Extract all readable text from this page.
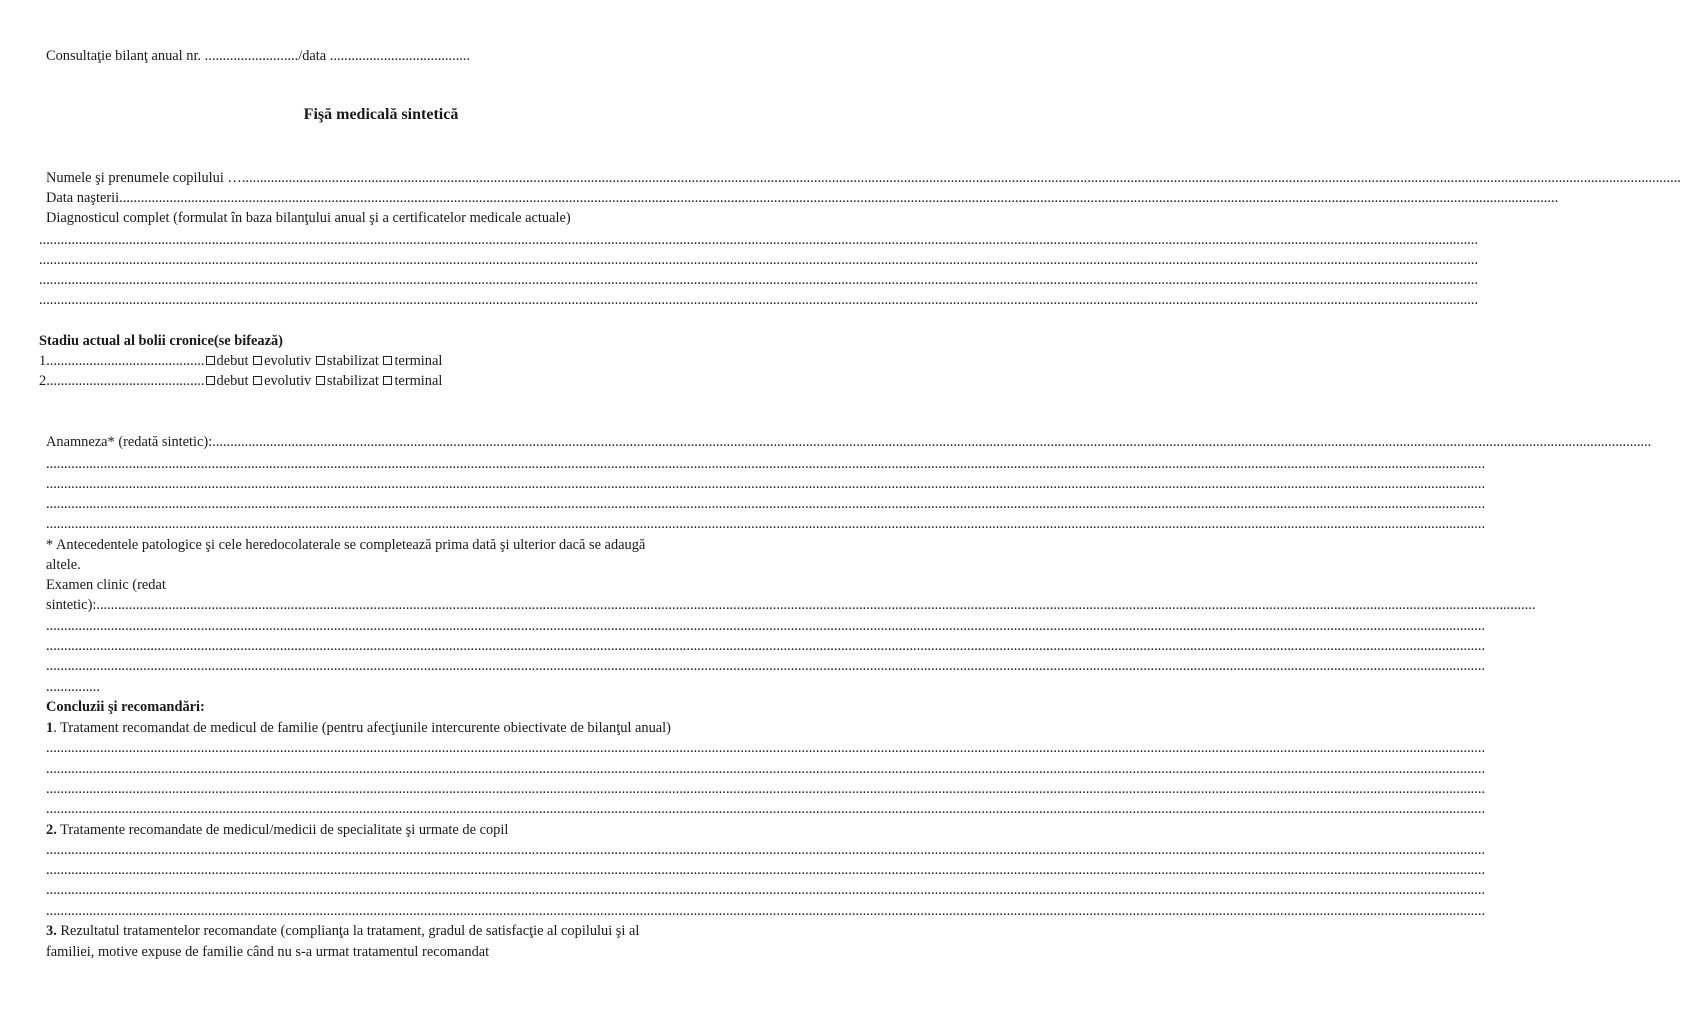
Consultaţie bilanţ anual nr. ........................../data .......................................
Fişă medicală sintetică
Numele şi prenumele copilului … ................................................................................................................................................................................................................................................................................................................................................................................................................
Data naşterii ................................................................................................................................................................................................................................................................................................................................................................................................................
Diagnosticul complet (formulat în baza bilanţului anual şi a certificatelor medicale actuale)
................................................................................................................................................................................................................................................................................................................................................................................................................
................................................................................................................................................................................................................................................................................................................................................................................................................
................................................................................................................................................................................................................................................................................................................................................................................................................
................................................................................................................................................................................................................................................................................................................................................................................................................
Stadiu actual al bolii cronice(se bifează)
1............................................ debut evolutiv stabilizat terminal
2............................................ debut evolutiv stabilizat terminal
Anamneza* (redată sintetic): ................................................................................................................................................................................................................................................................................................................................................................................................................
................................................................................................................................................................................................................................................................................................................................................................................................................
................................................................................................................................................................................................................................................................................................................................................................................................................
................................................................................................................................................................................................................................................................................................................................................................................................................
................................................................................................................................................................................................................................................................................................................................................................................................................
* Antecedentele patologice şi cele heredocolaterale se completează prima dată şi ulterior dacă se adaugă
altele.
Examen clinic (redat
sintetic): ................................................................................................................................................................................................................................................................................................................................................................................................................
................................................................................................................................................................................................................................................................................................................................................................................................................
................................................................................................................................................................................................................................................................................................................................................................................................................
................................................................................................................................................................................................................................................................................................................................................................................................................
...............
Concluzii şi recomandări:
1. Tratament recomandat de medicul de familie (pentru afecţiunile intercurente obiectivate de bilanţul anual)
................................................................................................................................................................................................................................................................................................................................................................................................................
................................................................................................................................................................................................................................................................................................................................................................................................................
................................................................................................................................................................................................................................................................................................................................................................................................................
................................................................................................................................................................................................................................................................................................................................................................................................................
2. Tratamente recomandate de medicul/medicii de specialitate şi urmate de copil
................................................................................................................................................................................................................................................................................................................................................................................................................
................................................................................................................................................................................................................................................................................................................................................................................................................
................................................................................................................................................................................................................................................................................................................................................................................................................
................................................................................................................................................................................................................................................................................................................................................................................................................
3. Rezultatul tratamentelor recomandate (complianţa la tratament, gradul de satisfacţie al copilului şi al
familiei, motive expuse de familie când nu s-a urmat tratamentul recomandat
